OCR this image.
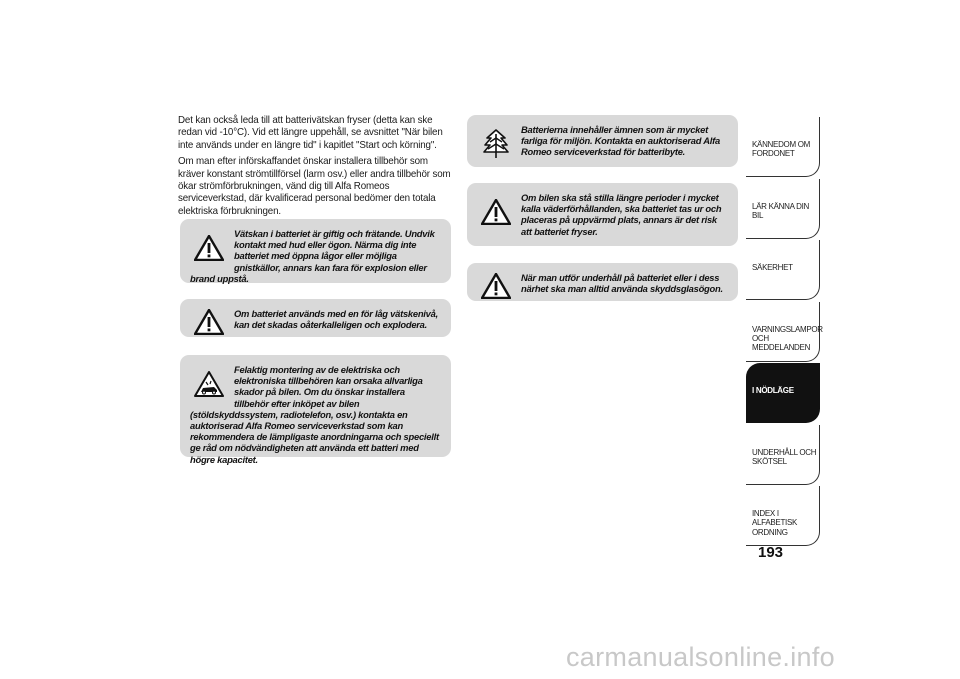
Det kan också leda till att batterivätskan fryser (detta kan ske redan vid -10°C). Vid ett längre uppehåll, se avsnittet "När bilen inte används under en längre tid" i kapitlet "Start och körning".

Om man efter införskaffandet önskar installera tillbehör som kräver konstant strömtillförsel (larm osv.) eller andra tillbehör som ökar strömförbrukningen, vänd dig till Alfa Romeos serviceverkstad, där kvalificerad personal bedömer den totala elektriska förbrukningen.

Vätskan i batteriet är giftig och frätande. Undvik kontakt med hud eller ögon. Närma dig inte batteriet med öppna lågor eller möjliga gnistkällor, annars kan fara för explosion eller brand uppstå.
Om batteriet används med en för låg vätskenivå, kan det skadas oåterkalleligen och explodera.
Felaktig montering av de elektriska och elektroniska tillbehören kan orsaka allvarliga skador på bilen. Om du önskar installera tillbehör efter inköpet av bilen (stöldskyddssystem, radiotelefon, osv.) kontakta en auktoriserad Alfa Romeo serviceverkstad som kan rekommendera de lämpligaste anordningarna och speciellt ge råd om nödvändigheten att använda ett batteri med högre kapacitet.
Batterierna innehåller ämnen som är mycket farliga för miljön. Kontakta en auktoriserad Alfa Romeo serviceverkstad för batteribyte.
Om bilen ska stå stilla längre perioder i mycket kalla väderförhållanden, ska batteriet tas ur och placeras på uppvärmd plats, annars är det risk att batteriet fryser.
När man utför underhåll på batteriet eller i dess närhet ska man alltid använda skyddsglasögon.
KÄNNEDOM OM FORDONET
LÄR KÄNNA DIN BIL
SÄKERHET
VARNINGSLAMPOR OCH MEDDELANDEN
I NÖDLÄGE
UNDERHÅLL OCH SKÖTSEL
INDEX I ALFABETISK ORDNING
193
carmanualsonline.info
